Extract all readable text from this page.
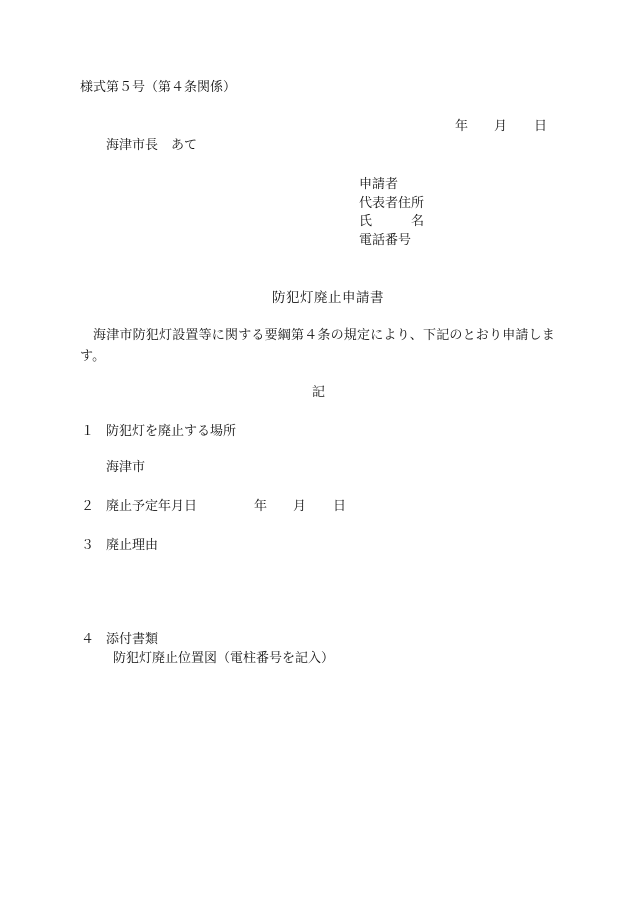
様式第５号（第４条関係）

年 月 日

海津市長　あて

申請者

代表者住所

氏	名

電話番号

防犯灯廃止申請書

海津市防犯灯設置等に関する要綱第４条の規定により、下記のとおり申請します。

記

１ 防犯灯を廃止する場所

海津市

２ 廃止予定年月日	年 月 日

３ 廃止理由

４ 添付書類

防犯灯廃止位置図（電柱番号を記入）
